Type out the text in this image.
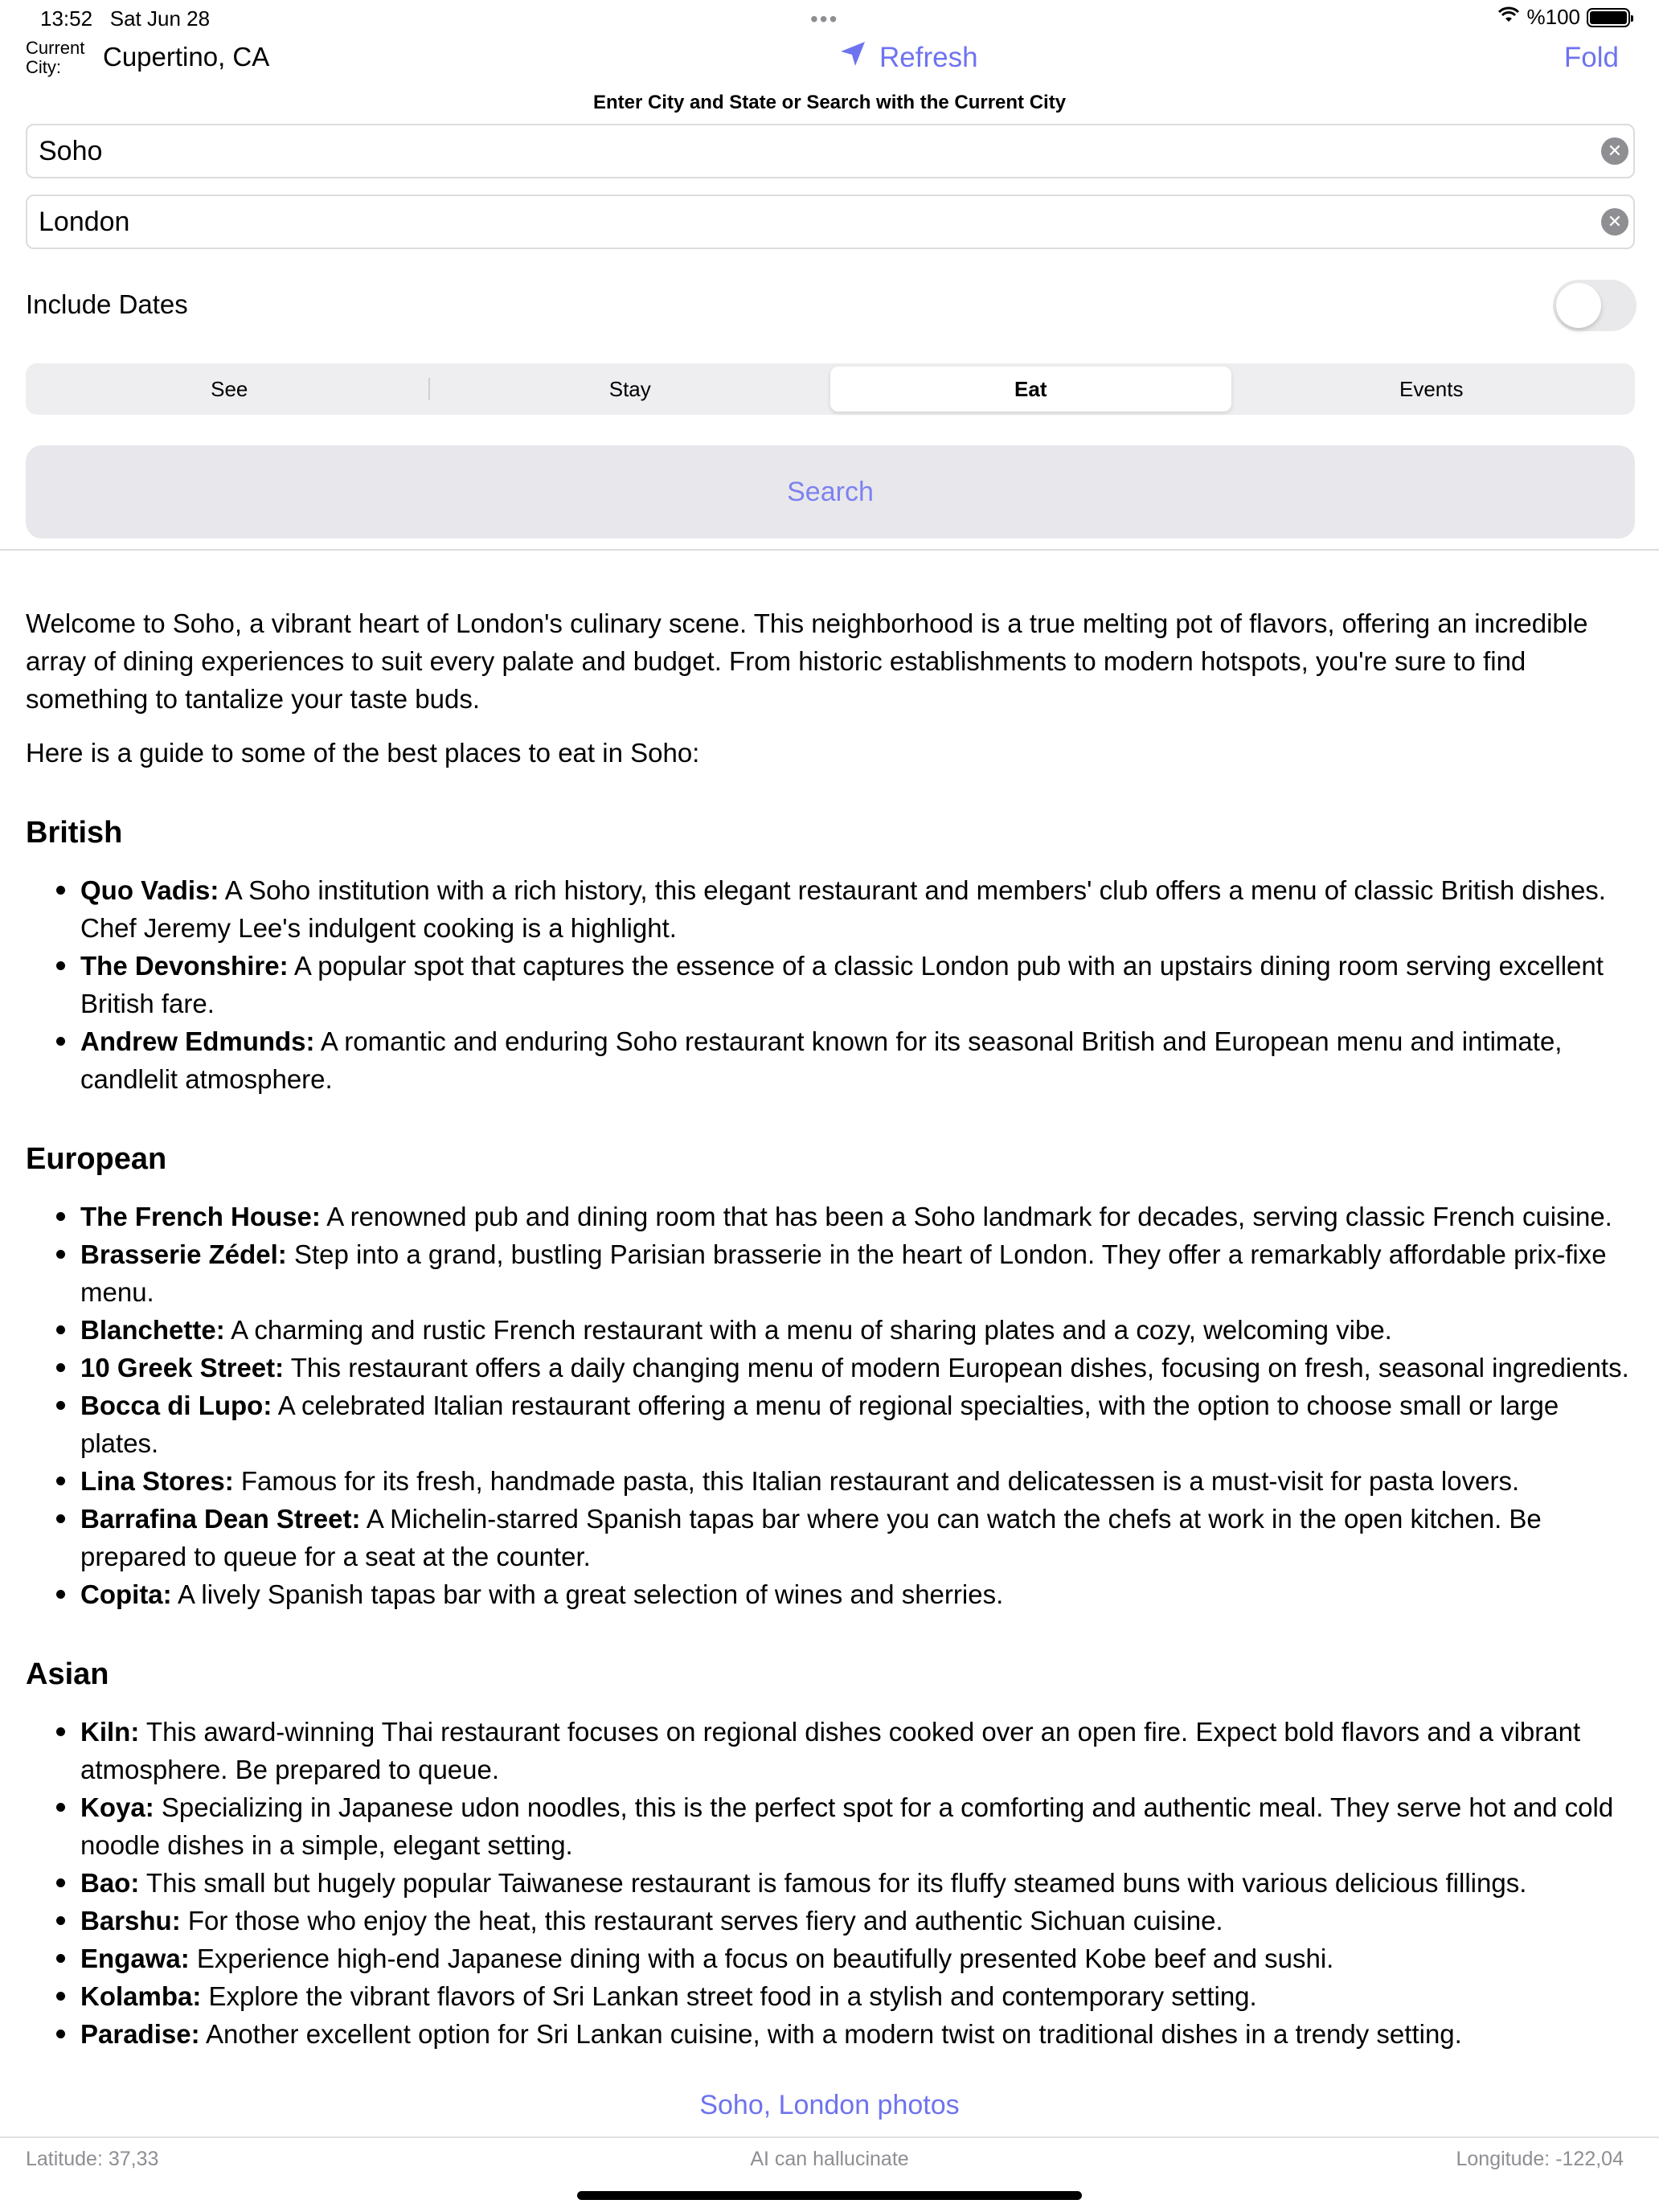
13:52 Sat Jun 28	•••	%100
Current City:	Cupertino, CA	Refresh	Fold
Enter City and State or Search with the Current City
Soho
✕
London
✕
Include Dates
See	Stay	Eat	Events
Search

Welcome to Soho, a vibrant heart of London's culinary scene. This neighborhood is a true melting pot of flavors, offering an incredible array of dining experiences to suit every palate and budget. From historic establishments to modern hotspots, you're sure to find something to tantalize your taste buds.

Here is a guide to some of the best places to eat in Soho:

British
Quo Vadis: A Soho institution with a rich history, this elegant restaurant and members' club offers a menu of classic British dishes. Chef Jeremy Lee's indulgent cooking is a highlight.
The Devonshire: A popular spot that captures the essence of a classic London pub with an upstairs dining room serving excellent British fare.
Andrew Edmunds: A romantic and enduring Soho restaurant known for its seasonal British and European menu and intimate, candlelit atmosphere.
European
The French House: A renowned pub and dining room that has been a Soho landmark for decades, serving classic French cuisine.
Brasserie Zédel: Step into a grand, bustling Parisian brasserie in the heart of London. They offer a remarkably affordable prix-fixe menu.
Blanchette: A charming and rustic French restaurant with a menu of sharing plates and a cozy, welcoming vibe.
10 Greek Street: This restaurant offers a daily changing menu of modern European dishes, focusing on fresh, seasonal ingredients.
Bocca di Lupo: A celebrated Italian restaurant offering a menu of regional specialties, with the option to choose small or large plates.
Lina Stores: Famous for its fresh, handmade pasta, this Italian restaurant and delicatessen is a must-visit for pasta lovers.
Barrafina Dean Street: A Michelin-starred Spanish tapas bar where you can watch the chefs at work in the open kitchen. Be prepared to queue for a seat at the counter.
Copita: A lively Spanish tapas bar with a great selection of wines and sherries.
Asian
Kiln: This award-winning Thai restaurant focuses on regional dishes cooked over an open fire. Expect bold flavors and a vibrant atmosphere. Be prepared to queue.
Koya: Specializing in Japanese udon noodles, this is the perfect spot for a comforting and authentic meal. They serve hot and cold noodle dishes in a simple, elegant setting.
Bao: This small but hugely popular Taiwanese restaurant is famous for its fluffy steamed buns with various delicious fillings.
Barshu: For those who enjoy the heat, this restaurant serves fiery and authentic Sichuan cuisine.
Engawa: Experience high-end Japanese dining with a focus on beautifully presented Kobe beef and sushi.
Kolamba: Explore the vibrant flavors of Sri Lankan street food in a stylish and contemporary setting.
Paradise: Another excellent option for Sri Lankan cuisine, with a modern twist on traditional dishes in a trendy setting.
Soho, London photos
Latitude: 37,33	AI can hallucinate	Longitude: -122,04
